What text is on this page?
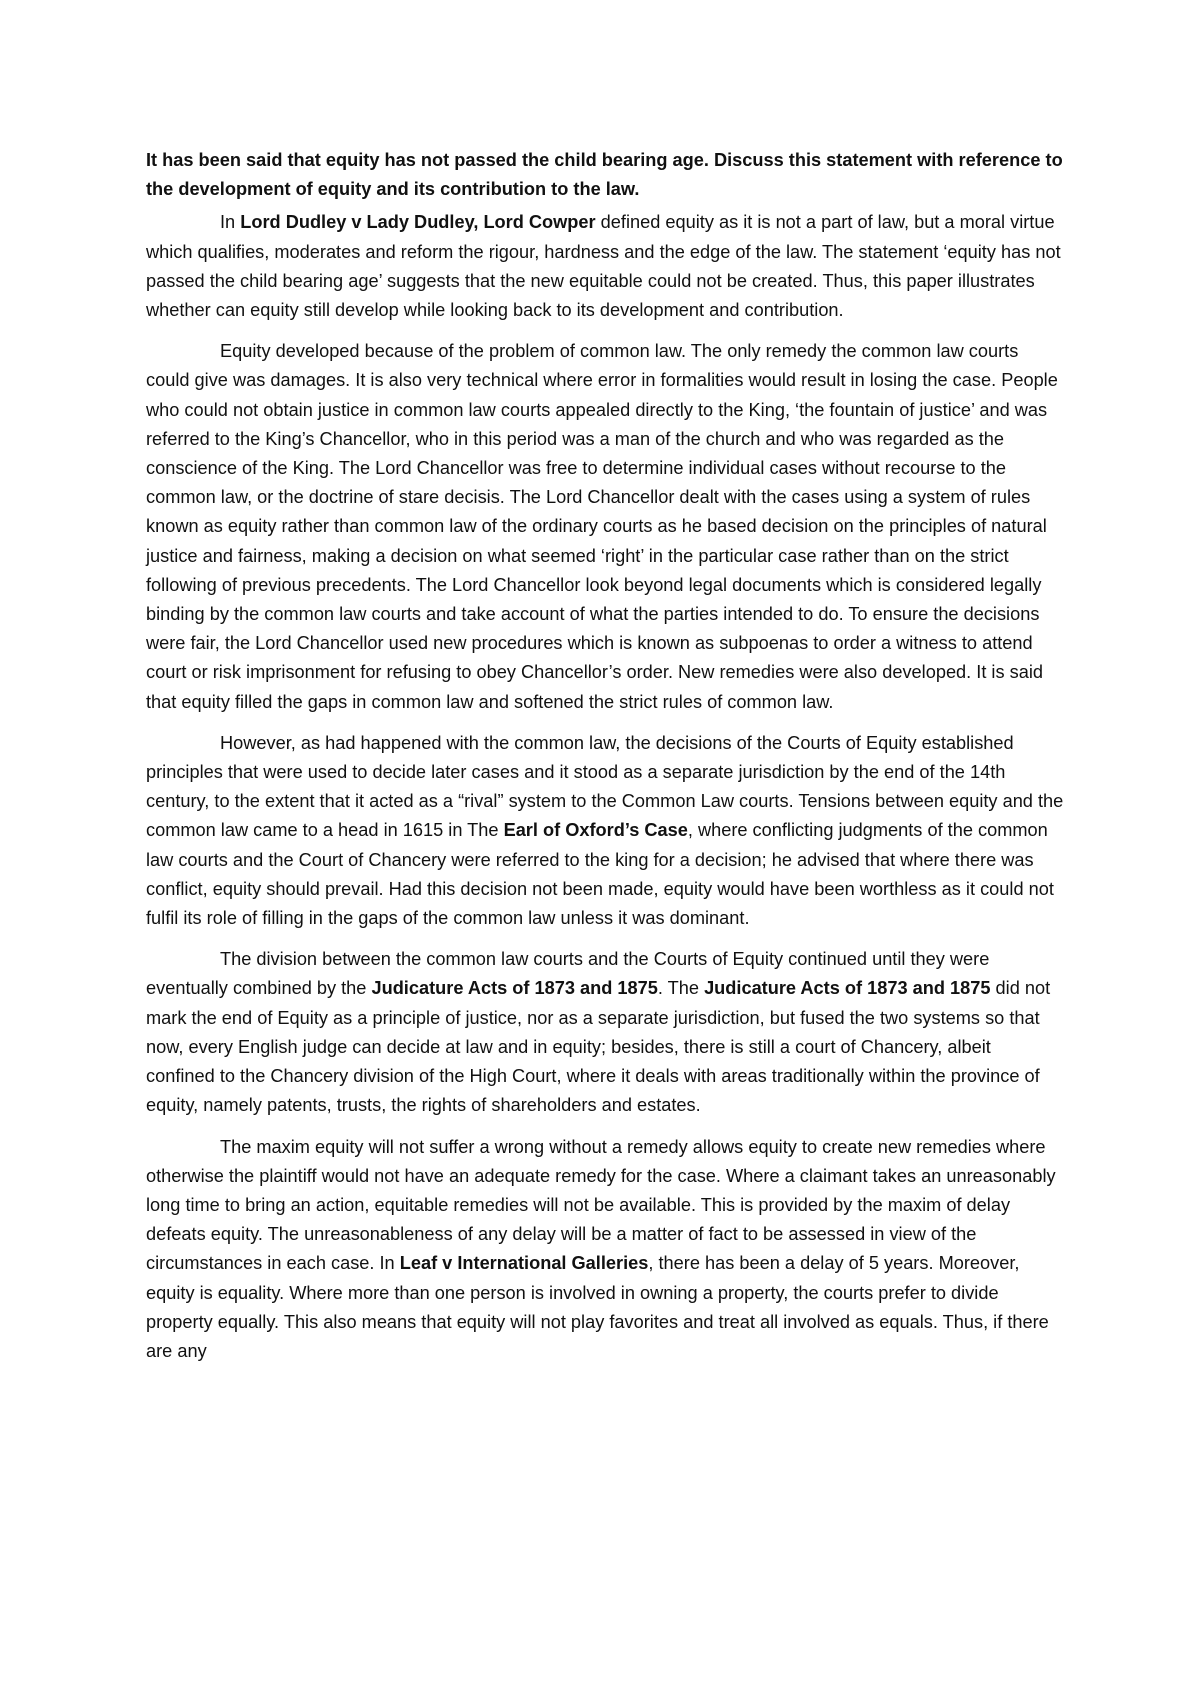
It has been said that equity has not passed the child bearing age. Discuss this statement with reference to the development of equity and its contribution to the law.

In Lord Dudley v Lady Dudley, Lord Cowper defined equity as it is not a part of law, but a moral virtue which qualifies, moderates and reform the rigour, hardness and the edge of the law. The statement ‘equity has not passed the child bearing age’ suggests that the new equitable could not be created. Thus, this paper illustrates whether can equity still develop while looking back to its development and contribution.

Equity developed because of the problem of common law. The only remedy the common law courts could give was damages. It is also very technical where error in formalities would result in losing the case. People who could not obtain justice in common law courts appealed directly to the King, ‘the fountain of justice’ and was referred to the King’s Chancellor, who in this period was a man of the church and who was regarded as the conscience of the King. The Lord Chancellor was free to determine individual cases without recourse to the common law, or the doctrine of stare decisis. The Lord Chancellor dealt with the cases using a system of rules known as equity rather than common law of the ordinary courts as he based decision on the principles of natural justice and fairness, making a decision on what seemed ‘right’ in the particular case rather than on the strict following of previous precedents. The Lord Chancellor look beyond legal documents which is considered legally binding by the common law courts and take account of what the parties intended to do. To ensure the decisions were fair, the Lord Chancellor used new procedures which is known as subpoenas to order a witness to attend court or risk imprisonment for refusing to obey Chancellor’s order. New remedies were also developed. It is said that equity filled the gaps in common law and softened the strict rules of common law.

However, as had happened with the common law, the decisions of the Courts of Equity established principles that were used to decide later cases and it stood as a separate jurisdiction by the end of the 14th century, to the extent that it acted as a “rival” system to the Common Law courts. Tensions between equity and the common law came to a head in 1615 in The Earl of Oxford’s Case, where conflicting judgments of the common law courts and the Court of Chancery were referred to the king for a decision; he advised that where there was conflict, equity should prevail. Had this decision not been made, equity would have been worthless as it could not fulfil its role of filling in the gaps of the common law unless it was dominant.

The division between the common law courts and the Courts of Equity continued until they were eventually combined by the Judicature Acts of 1873 and 1875. The Judicature Acts of 1873 and 1875 did not mark the end of Equity as a principle of justice, nor as a separate jurisdiction, but fused the two systems so that now, every English judge can decide at law and in equity; besides, there is still a court of Chancery, albeit confined to the Chancery division of the High Court, where it deals with areas traditionally within the province of equity, namely patents, trusts, the rights of shareholders and estates.

The maxim equity will not suffer a wrong without a remedy allows equity to create new remedies where otherwise the plaintiff would not have an adequate remedy for the case. Where a claimant takes an unreasonably long time to bring an action, equitable remedies will not be available. This is provided by the maxim of delay defeats equity. The unreasonableness of any delay will be a matter of fact to be assessed in view of the circumstances in each case. In Leaf v International Galleries, there has been a delay of 5 years. Moreover, equity is equality. Where more than one person is involved in owning a property, the courts prefer to divide property equally. This also means that equity will not play favorites and treat all involved as equals. Thus, if there are any
